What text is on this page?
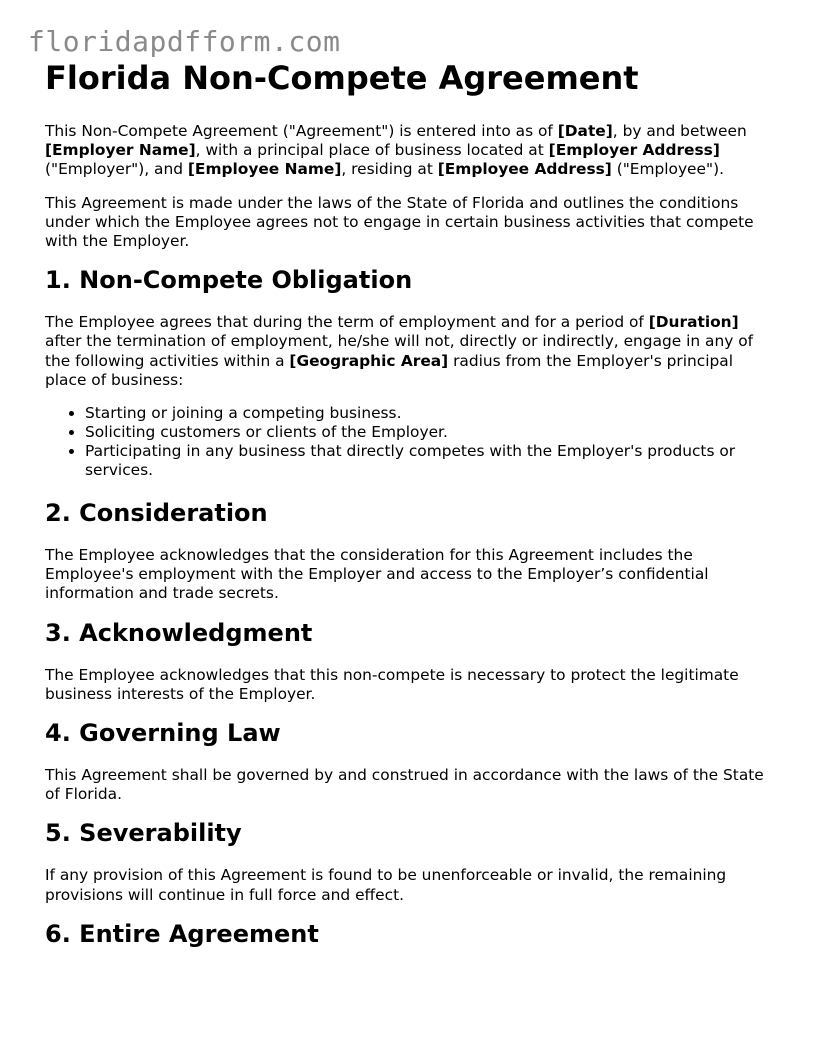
floridapdfform.com
Florida Non-Compete Agreement

This Non-Compete Agreement ("Agreement") is entered into as of [Date], by and between [Employer Name], with a principal place of business located at [Employer Address] ("Employer"), and [Employee Name], residing at [Employee Address] ("Employee").

This Agreement is made under the laws of the State of Florida and outlines the conditions under which the Employee agrees not to engage in certain business activities that compete with the Employer.

1. Non-Compete Obligation

The Employee agrees that during the term of employment and for a period of [Duration] after the termination of employment, he/she will not, directly or indirectly, engage in any of the following activities within a [Geographic Area] radius from the Employer's principal place of business:

• Starting or joining a competing business.
• Soliciting customers or clients of the Employer.
• Participating in any business that directly competes with the Employer's products or services.
2. Consideration

The Employee acknowledges that the consideration for this Agreement includes the Employee's employment with the Employer and access to the Employer’s confidential information and trade secrets.

3. Acknowledgment

The Employee acknowledges that this non-compete is necessary to protect the legitimate business interests of the Employer.

4. Governing Law

This Agreement shall be governed by and construed in accordance with the laws of the State of Florida.

5. Severability

If any provision of this Agreement is found to be unenforceable or invalid, the remaining provisions will continue in full force and effect.

6. Entire Agreement
